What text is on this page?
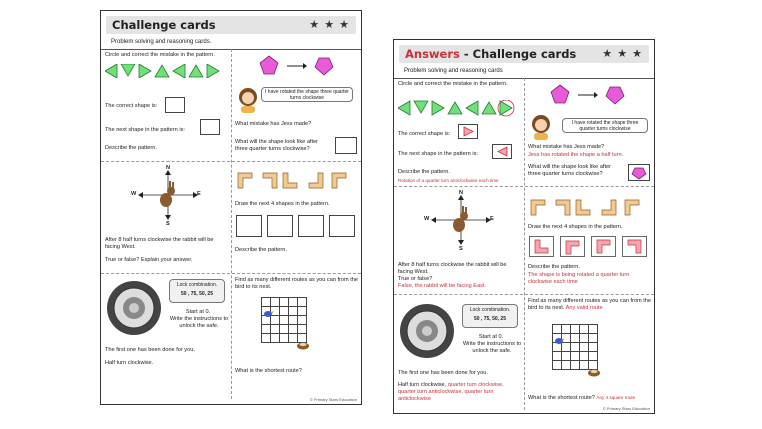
Challenge cards	★ ★ ★
Problem solving and reasoning cards.
Circle and correct the mistake in the pattern.
The correct shape is:
The next shape in the pattern is:
Describe the pattern.
I have rotated the shape three quarter turns clockwise
What mistake has Jess made?
What will the shape look like after three quarter turns clockwise?
N
E
S
W
After 8 half turns clockwise the rabbit will be facing West.
True or false? Explain your answer.
Draw the next 4 shapes in the pattern.
Describe the pattern.
Lock combination.
50 , 75, 50, 25
Start at 0.
Write the instructions to unlock the safe.
The first one has been done for you.
Half turn clockwise.
Find as many different routes as you can from the bird to its nest.

What is the shortest route?
© Primary Stars Education
Answers - Challenge cards ★ ★ ★
Problem solving and reasoning cards
Circle and correct the mistake in the pattern.
The correct shape is:
The next shape in the pattern is:
Describe the pattern.
Rotation of a quarter turn anticlockwise each time
I have rotated the shape three quarter turns clockwise
What mistake has Jess made?
Jess has rotated the shape a half turn.
What will the shape look like after three quarter turns clockwise?
N
E
S
W
After 8 half turns clockwise the rabbit will be facing West.
True or false?
False, the rabbit will be facing East.
Draw the next 4 shapes in the pattern.
Describe the pattern.
The shape is being rotated a quarter turn clockwise each time
Lock combination.
50 , 75, 50, 25
Start at 0.
Write the instructions to unlock the safe.
The first one has been done for you.
Half turn clockwise, quarter turn clockwise, quarter turn anticlockwise, quarter turn anticlockwise
Find as many different routes as you can from the bird to its nest. Any valid route

What is the shortest route? Any 4 square route
© Primary Stars Education
